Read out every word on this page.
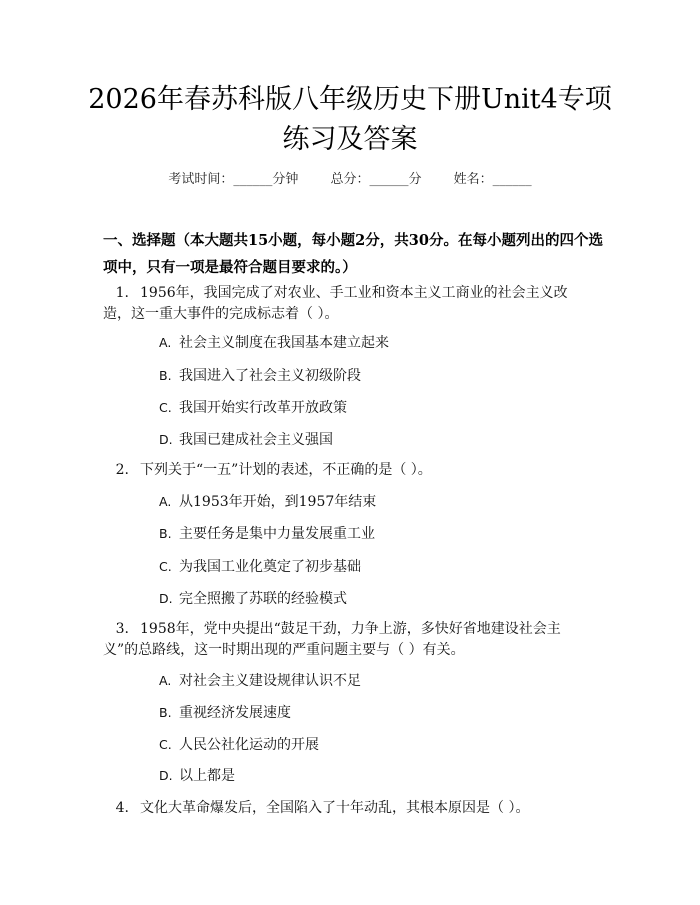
2026年春苏科版八年级历史下册Unit4专项
练习及答案
考试时间：______分钟 总分：______分 姓名：______
一、选择题（本大题共15小题，每小题2分，共30分。在每小题列出的四个选
项中，只有一项是最符合题目要求的。）
1. 1956年，我国完成了对农业、手工业和资本主义工商业的社会主义改
造，这一重大事件的完成标志着（ ）。
A. 社会主义制度在我国基本建立起来
B. 我国进入了社会主义初级阶段
C. 我国开始实行改革开放政策
D. 我国已建成社会主义强国
2. 下列关于“一五”计划的表述，不正确的是（ ）。
A. 从1953年开始，到1957年结束
B. 主要任务是集中力量发展重工业
C. 为我国工业化奠定了初步基础
D. 完全照搬了苏联的经验模式
3. 1958年，党中央提出“鼓足干劲，力争上游，多快好省地建设社会主
义”的总路线，这一时期出现的严重问题主要与（ ）有关。
A. 对社会主义建设规律认识不足
B. 重视经济发展速度
C. 人民公社化运动的开展
D. 以上都是
4. 文化大革命爆发后，全国陷入了十年动乱，其根本原因是（ ）。
